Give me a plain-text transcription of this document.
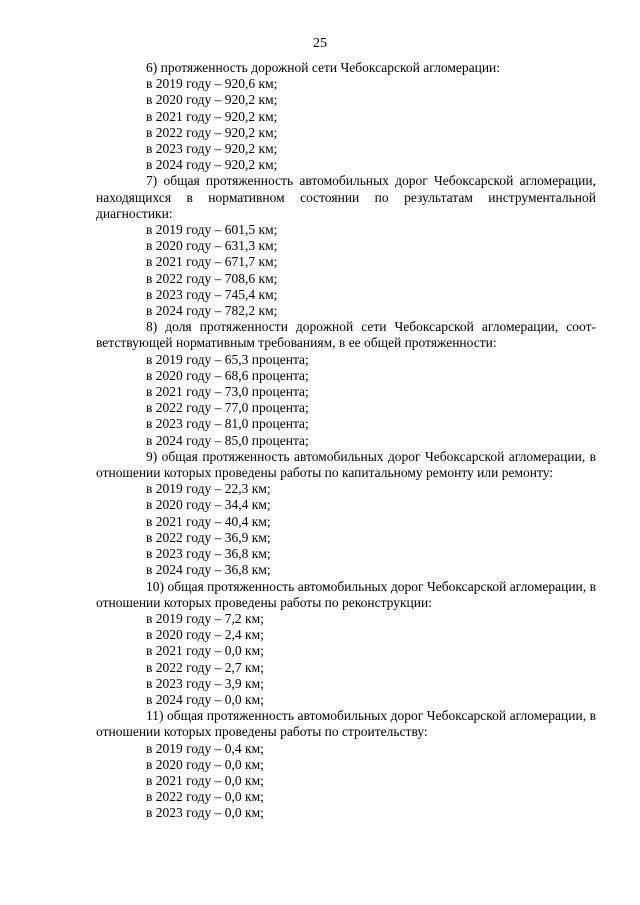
25

6) протяженность дорожной сети Чебоксарской агломерации:

в 2019 году – 920,6 км;

в 2020 году – 920,2 км;

в 2021 году – 920,2 км;

в 2022 году – 920,2 км;

в 2023 году – 920,2 км;

в 2024 году – 920,2 км;

7) общая протяженность автомобильных дорог Чебоксарской агломерации, находящихся в нормативном состоянии по результатам инструментальной диагностики:

в 2019 году – 601,5 км;

в 2020 году – 631,3 км;

в 2021 году – 671,7 км;

в 2022 году – 708,6 км;

в 2023 году – 745,4 км;

в 2024 году – 782,2 км;

8) доля протяженности дорожной сети Чебоксарской агломерации, соответствующей нормативным требованиям, в ее общей протяженности:

в 2019 году – 65,3 процента;

в 2020 году – 68,6 процента;

в 2021 году – 73,0 процента;

в 2022 году – 77,0 процента;

в 2023 году – 81,0 процента;

в 2024 году – 85,0 процента;

9) общая протяженность автомобильных дорог Чебоксарской агломерации, в отношении которых проведены работы по капитальному ремонту или ремонту:

в 2019 году – 22,3 км;

в 2020 году – 34,4 км;

в 2021 году – 40,4 км;

в 2022 году – 36,9 км;

в 2023 году – 36,8 км;

в 2024 году – 36,8 км;

10) общая протяженность автомобильных дорог Чебоксарской агломерации, в отношении которых проведены работы по реконструкции:

в 2019 году – 7,2 км;

в 2020 году – 2,4 км;

в 2021 году – 0,0 км;

в 2022 году – 2,7 км;

в 2023 году – 3,9 км;

в 2024 году – 0,0 км;

11) общая протяженность автомобильных дорог Чебоксарской агломерации, в отношении которых проведены работы по строительству:

в 2019 году – 0,4 км;

в 2020 году – 0,0 км;

в 2021 году – 0,0 км;

в 2022 году – 0,0 км;

в 2023 году – 0,0 км;
